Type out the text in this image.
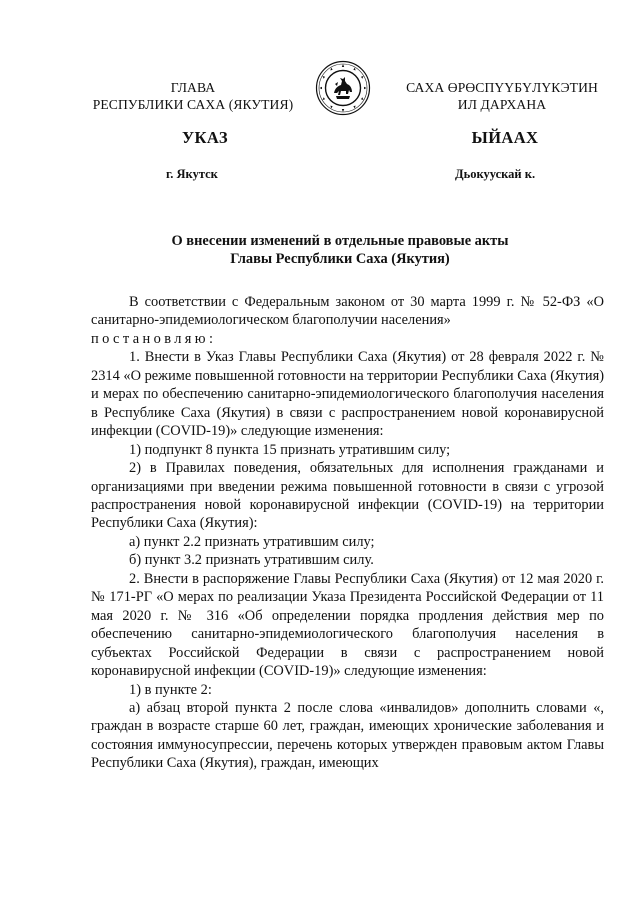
ГЛАВА
РЕСПУБЛИКИ САХА (ЯКУТИЯ)
САХА ӨРӨСПҮҮБҮЛҮКЭТИН
ИЛ ДАРХАНА
УКАЗ	ЫЙААХ
г. Якутск	Дьокуускай к.
О внесении изменений в отдельные правовые акты
Главы Республики Саха (Якутия)

В соответствии с Федеральным законом от 30 марта 1999 г. № 52-ФЗ «О санитарно-эпидемиологическом благополучии населения»

постановляю:

1. Внести в Указ Главы Республики Саха (Якутия) от 28 февраля 2022 г. № 2314 «О режиме повышенной готовности на территории Республики Саха (Якутия) и мерах по обеспечению санитарно-эпидемиологического благополучия населения в Республике Саха (Якутия) в связи с распространением новой коронавирусной инфекции (COVID-19)» следующие изменения:

1) подпункт 8 пункта 15 признать утратившим силу;

2) в Правилах поведения, обязательных для исполнения гражданами и организациями при введении режима повышенной готовности в связи с угрозой распространения новой коронавирусной инфекции (COVID-19) на территории Республики Саха (Якутия):

а) пункт 2.2 признать утратившим силу;

б) пункт 3.2 признать утратившим силу.

2. Внести в распоряжение Главы Республики Саха (Якутия) от 12 мая 2020 г. № 171-РГ «О мерах по реализации Указа Президента Российской Федерации от 11 мая 2020 г. № 316 «Об определении порядка продления действия мер по обеспечению санитарно-эпидемиологического благополучия населения в субъектах Российской Федерации в связи с распространением новой коронавирусной инфекции (COVID-19)» следующие изменения:

1) в пункте 2:

а) абзац второй пункта 2 после слова «инвалидов» дополнить словами «, граждан в возрасте старше 60 лет, граждан, имеющих хронические заболевания и состояния иммуносупрессии, перечень которых утвержден правовым актом Главы Республики Саха (Якутия), граждан, имеющих
